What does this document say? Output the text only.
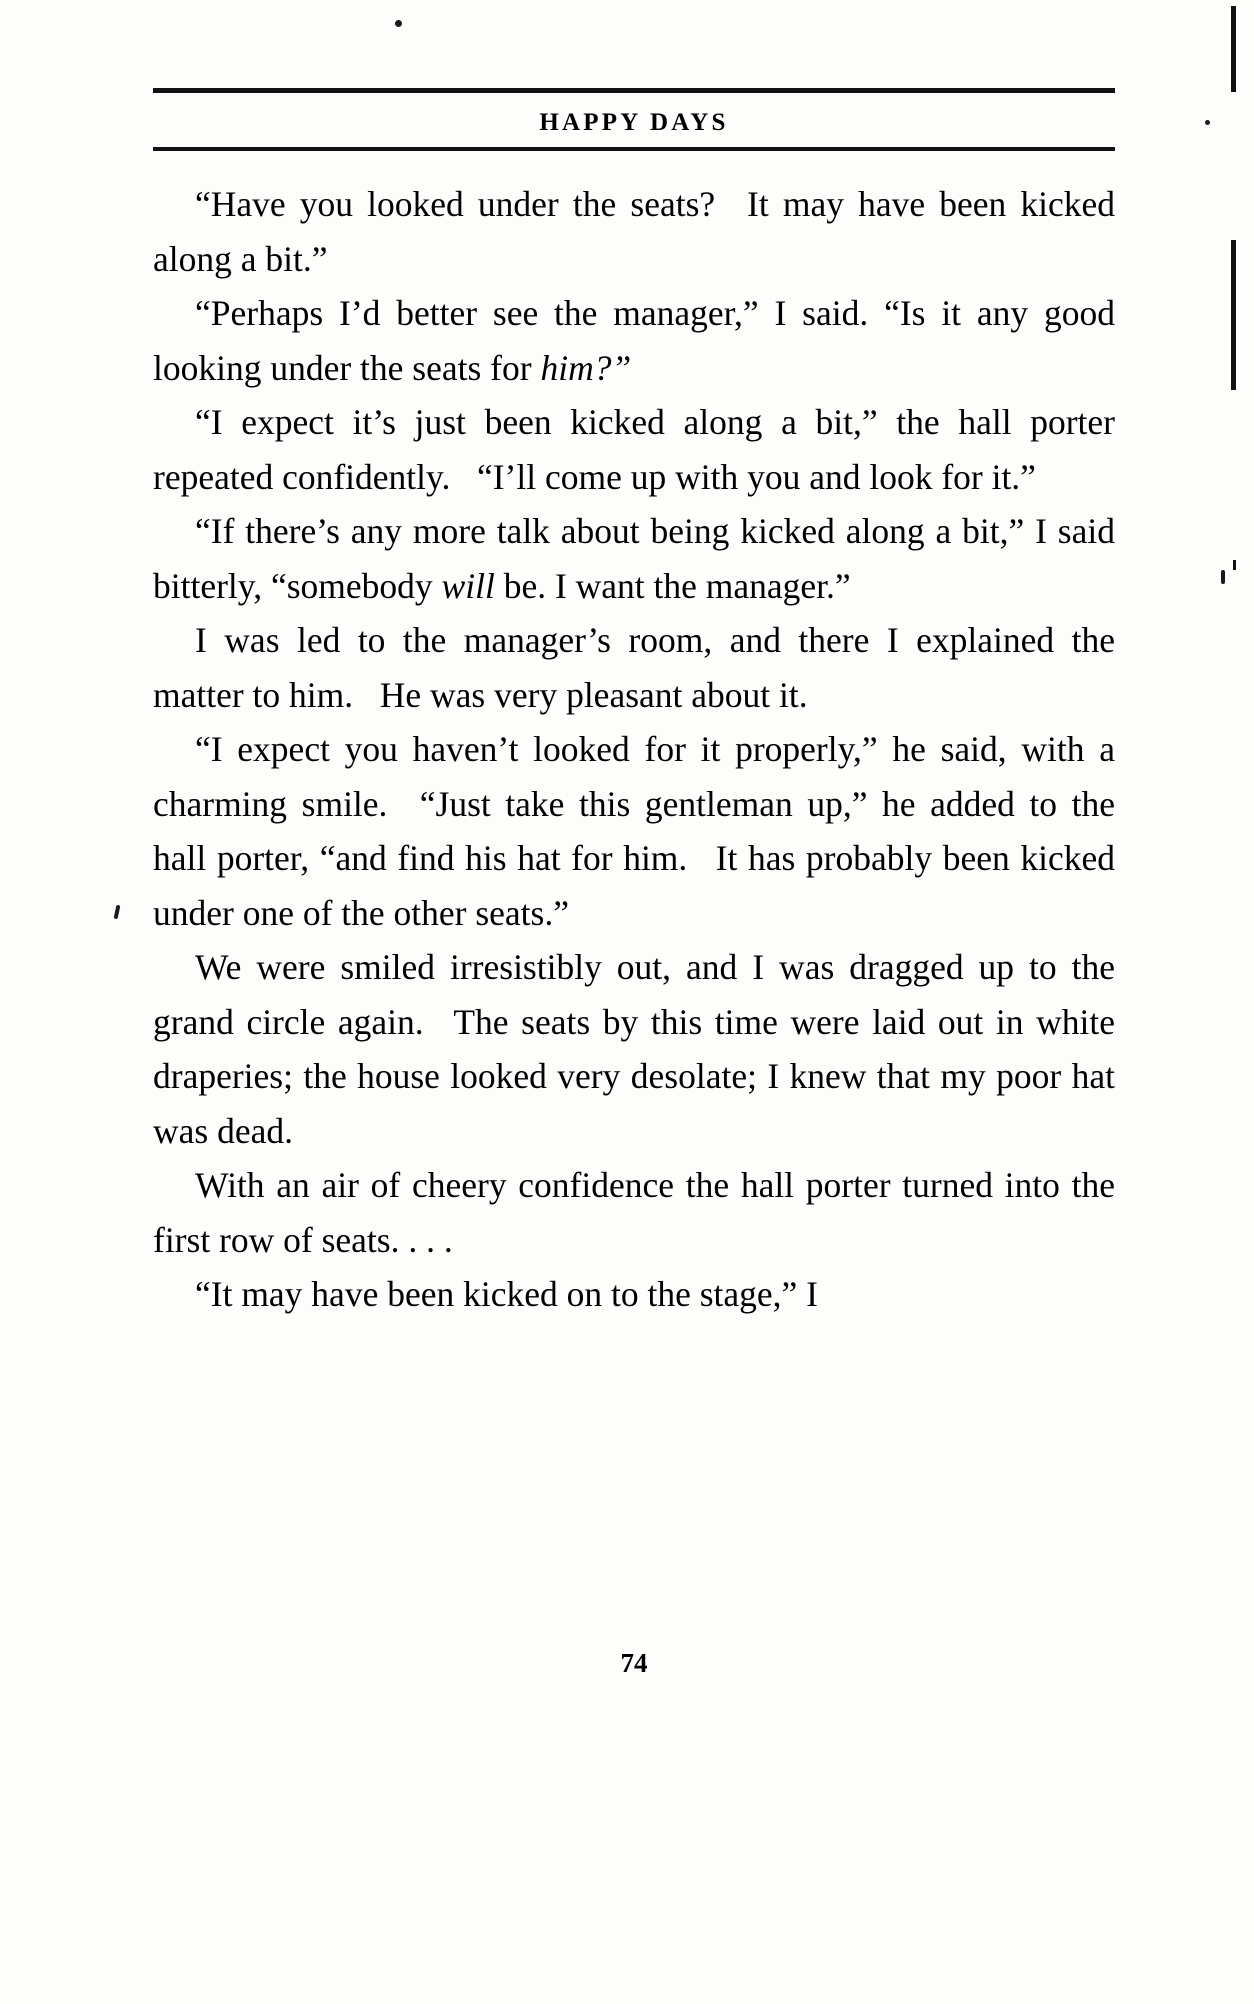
HAPPY DAYS

“Have you looked under the seats?  It may have been kicked along a bit.”

“Perhaps I’d better see the manager,” I said. “Is it any good looking under the seats for him?”

“I expect it’s just been kicked along a bit,” the hall porter repeated confidently.  “I’ll come up with you and look for it.”

“If there’s any more talk about being kicked along a bit,” I said bitterly, “somebody will be. I want the manager.”

I was led to the manager’s room, and there I explained the matter to him.  He was very pleasant about it.

“I expect you haven’t looked for it properly,” he said, with a charming smile.  “Just take this gentleman up,” he added to the hall porter, “and find his hat for him.  It has probably been kicked under one of the other seats.”

We were smiled irresistibly out, and I was dragged up to the grand circle again.  The seats by this time were laid out in white draperies; the house looked very desolate; I knew that my poor hat was dead.

With an air of cheery confidence the hall porter turned into the first row of seats. . . .

“It may have been kicked on to the stage,” I

74
